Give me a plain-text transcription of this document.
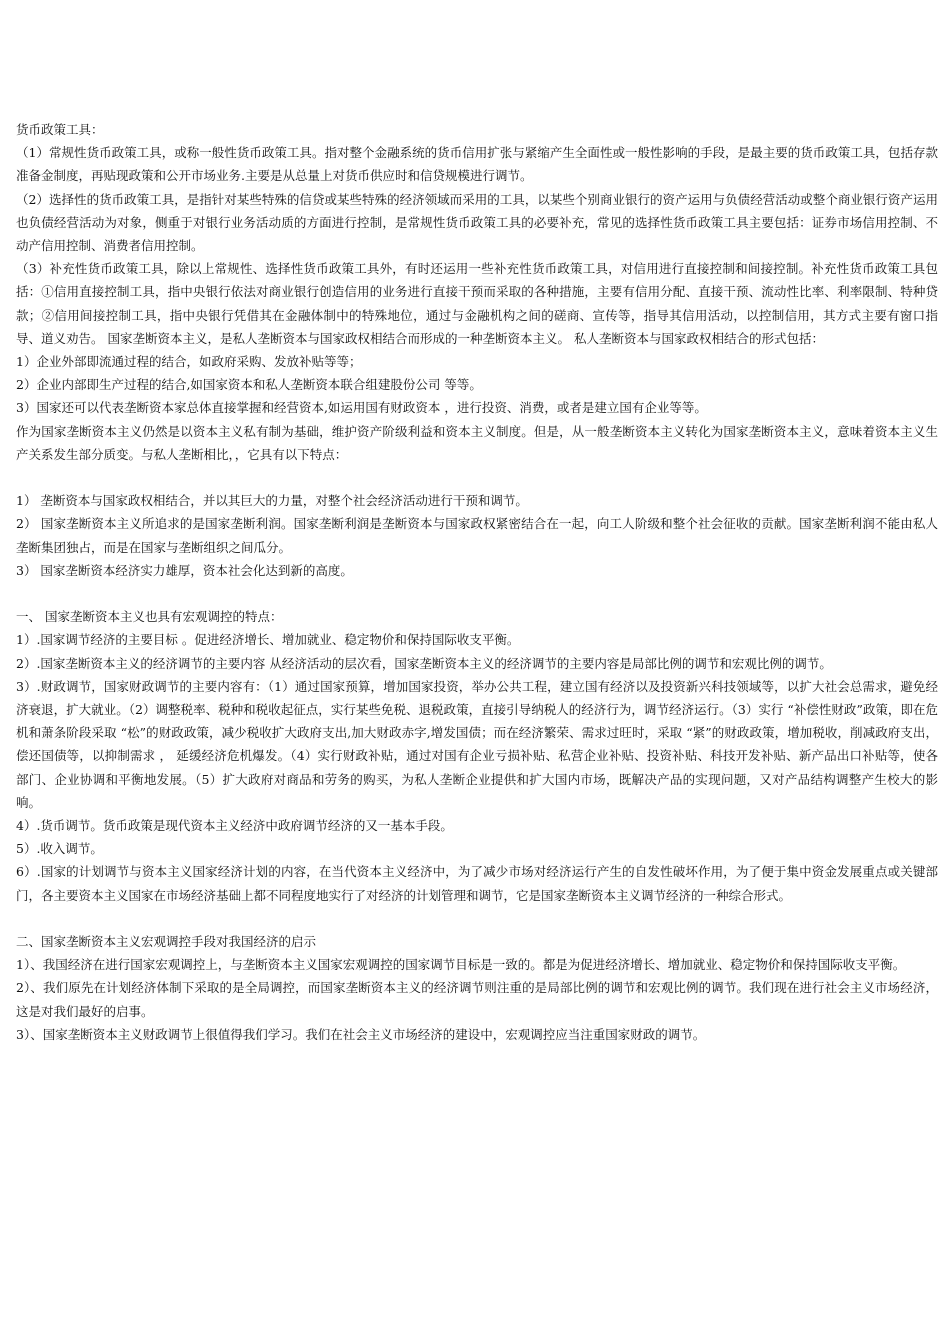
货币政策工具：

（1）常规性货币政策工具，或称一般性货币政策工具。指对整个金融系统的货币信用扩张与紧缩产生全面性或一般性影响的手段，是最主要的货币政策工具，包括存款准备金制度，再贴现政策和公开市场业务.主要是从总量上对货币供应时和信贷规模进行调节。

（2）选择性的货币政策工具，是指针对某些特殊的信贷或某些特殊的经济领域而采用的工具，以某些个别商业银行的资产运用与负债经营活动或整个商业银行资产运用也负债经营活动为对象，侧重于对银行业务活动质的方面进行控制，是常规性货币政策工具的必要补充，常见的选择性货币政策工具主要包括：证券市场信用控制、不动产信用控制、消费者信用控制。

（3）补充性货币政策工具，除以上常规性、选择性货币政策工具外，有时还运用一些补充性货币政策工具，对信用进行直接控制和间接控制。补充性货币政策工具包括：①信用直接控制工具，指中央银行依法对商业银行创造信用的业务进行直接干预而采取的各种措施，主要有信用分配、直接干预、流动性比率、利率限制、特种贷款；②信用间接控制工具，指中央银行凭借其在金融体制中的特殊地位，通过与金融机构之间的磋商、宣传等，指导其信用活动，以控制信用，其方式主要有窗口指导、道义劝告。 国家垄断资本主义，是私人垄断资本与国家政权相结合而形成的一种垄断资本主义。 私人垄断资本与国家政权相结合的形式包括：

1）企业外部即流通过程的结合，如政府采购、发放补贴等等；

2）企业内部即生产过程的结合,如国家资本和私人垄断资本联合组建股份公司 等等。

3）国家还可以代表垄断资本家总体直接掌握和经营资本,如运用国有财政资本 ，进行投资、消费，或者是建立国有企业等等。

作为国家垄断资本主义仍然是以资本主义私有制为基础，维护资产阶级利益和资本主义制度。但是，从一般垄断资本主义转化为国家垄断资本主义，意味着资本主义生产关系发生部分质变。与私人垄断相比，，它具有以下特点：

1） 垄断资本与国家政权相结合，并以其巨大的力量，对整个社会经济活动进行干预和调节。

2） 国家垄断资本主义所追求的是国家垄断利润。国家垄断利润是垄断资本与国家政权紧密结合在一起，向工人阶级和整个社会征收的贡献。国家垄断利润不能由私人垄断集团独占，而是在国家与垄断组织之间瓜分。

3） 国家垄断资本经济实力雄厚，资本社会化达到新的高度。

一、 国家垄断资本主义也具有宏观调控的特点：

1）.国家调节经济的主要目标 。促进经济增长、增加就业、稳定物价和保持国际收支平衡。

2）.国家垄断资本主义的经济调节的主要内容 从经济活动的层次看，国家垄断资本主义的经济调节的主要内容是局部比例的调节和宏观比例的调节。

3）.财政调节，国家财政调节的主要内容有：（1）通过国家预算，增加国家投资，举办公共工程，建立国有经济以及投资新兴科技领域等，以扩大社会总需求，避免经济衰退，扩大就业。（2）调整税率、税种和税收起征点，实行某些免税、退税政策，直接引导纳税人的经济行为，调节经济运行。（3）实行 “补偿性财政”政策，即在危机和萧条阶段采取 “松”的财政政策，减少税收扩大政府支出,加大财政赤字,增发国债；而在经济繁荣、需求过旺时，采取 “紧”的财政政策，增加税收，削减政府支出，偿还国债等，以抑制需求 ， 延缓经济危机爆发。（4）实行财政补贴，通过对国有企业亏损补贴、私营企业补贴、投资补贴、科技开发补贴、新产品出口补贴等，使各部门、企业协调和平衡地发展。（5）扩大政府对商品和劳务的购买，为私人垄断企业提供和扩大国内市场，既解决产品的实现问题，又对产品结构调整产生校大的影响。

4）.货币调节。货币政策是现代资本主义经济中政府调节经济的又一基本手段。

5）.收入调节。

6）.国家的计划调节与资本主义国家经济计划的内容，在当代资本主义经济中，为了减少市场对经济运行产生的自发性破坏作用，为了便于集中资金发展重点或关键部门，各主要资本主义国家在市场经济基础上都不同程度地实行了对经济的计划管理和调节，它是国家垄断资本主义调节经济的一种综合形式。

二、国家垄断资本主义宏观调控手段对我国经济的启示

1）、我国经济在进行国家宏观调控上，与垄断资本主义国家宏观调控的国家调节目标是一致的。都是为促进经济增长、增加就业、稳定物价和保持国际收支平衡。

2）、我们原先在计划经济体制下采取的是全局调控，而国家垄断资本主义的经济调节则注重的是局部比例的调节和宏观比例的调节。我们现在进行社会主义市场经济，这是对我们最好的启事。

3）、国家垄断资本主义财政调节上很值得我们学习。我们在社会主义市场经济的建设中，宏观调控应当注重国家财政的调节。
